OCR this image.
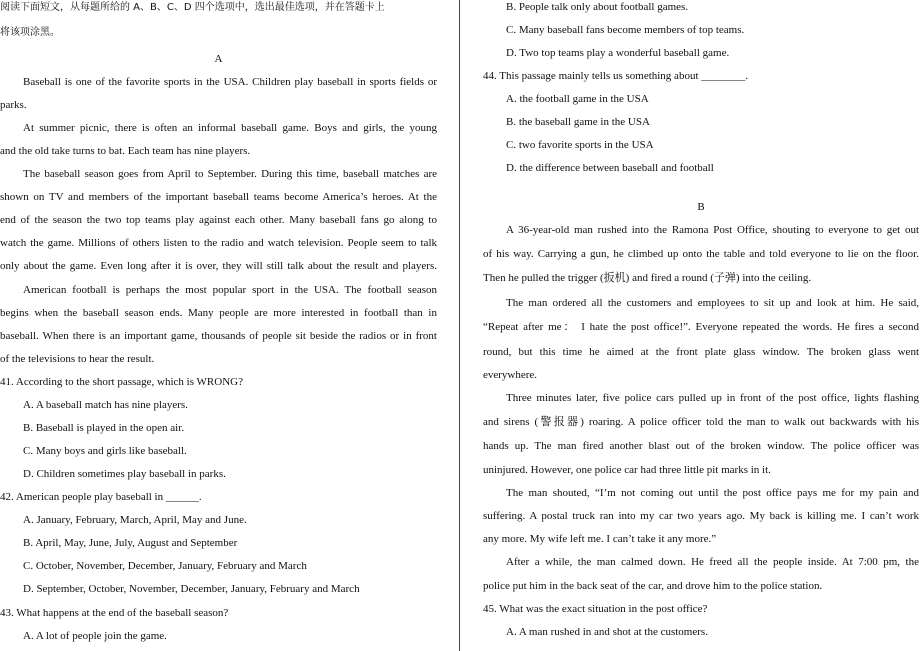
阅读下面短文，从每题所给的 A、B、C、D 四个选项中，选出最佳选项，并在答题卡上
将该项涂黑。
A
Baseball is one of the favorite sports in the USA. Children play baseball in sports fields or
parks.
At summer picnic, there is often an informal baseball game. Boys and girls, the young
and the old take turns to bat. Each team has nine players.
The baseball season goes from April to September. During this time, baseball matches are
shown on TV and members of the important baseball teams become America’s heroes. At the
end of the season the two top teams play against each other. Many baseball fans go along to
watch the game. Millions of others listen to the radio and watch television. People seem to talk
only about the game. Even long after it is over, they will still talk about the result and players.
American football is perhaps the most popular sport in the USA. The football season
begins when the baseball season ends. Many people are more interested in football than in
baseball. When there is an important game, thousands of people sit beside the radios or in front
of the televisions to hear the result.
41. According to the short passage, which is WRONG?
A. A baseball match has nine players.
B. Baseball is played in the open air.
C. Many boys and girls like baseball.
D. Children sometimes play baseball in parks.
42. American people play baseball in ______.
A. January, February, March, April, May and June.
B. April, May, June, July, August and September
C. October, November, December, January, February and March
D. September, October, November, December, January, February and March
43. What happens at the end of the baseball season?
A. A lot of people join the game.
B. People talk only about football games.
C. Many baseball fans become members of top teams.
D. Two top teams play a wonderful baseball game.
44. This passage mainly tells us something about ________.
A. the football game in the USA
B. the baseball game in the USA
C. two favorite sports in the USA
D. the difference between baseball and football
B
A 36-year-old man rushed into the Ramona Post Office, shouting to everyone to get out
of his way. Carrying a gun, he climbed up onto the table and told everyone to lie on the floor.
Then he pulled the trigger (扳机) and fired a round (子弹) into the ceiling.
The man ordered all the customers and employees to sit up and look at him. He said,
“Repeat after me： I hate the post office!”. Everyone repeated the words. He fires a second
round, but this time he aimed at the front plate glass window. The broken glass went
everywhere.
Three minutes later, five police cars pulled up in front of the post office, lights flashing
and sirens (警报器) roaring. A police officer told the man to walk out backwards with his
hands up. The man fired another blast out of the broken window. The police officer was
uninjured. However, one police car had three little pit marks in it.
The man shouted, “I’m not coming out until the post office pays me for my pain and
suffering. A postal truck ran into my car two years ago. My back is killing me. I can’t work
any more. My wife left me. I can’t take it any more.”
After a while, the man calmed down. He freed all the people inside. At 7:00 pm, the
police put him in the back seat of the car, and drove him to the police station.
45. What was the exact situation in the post office?
A. A man rushed in and shot at the customers.
